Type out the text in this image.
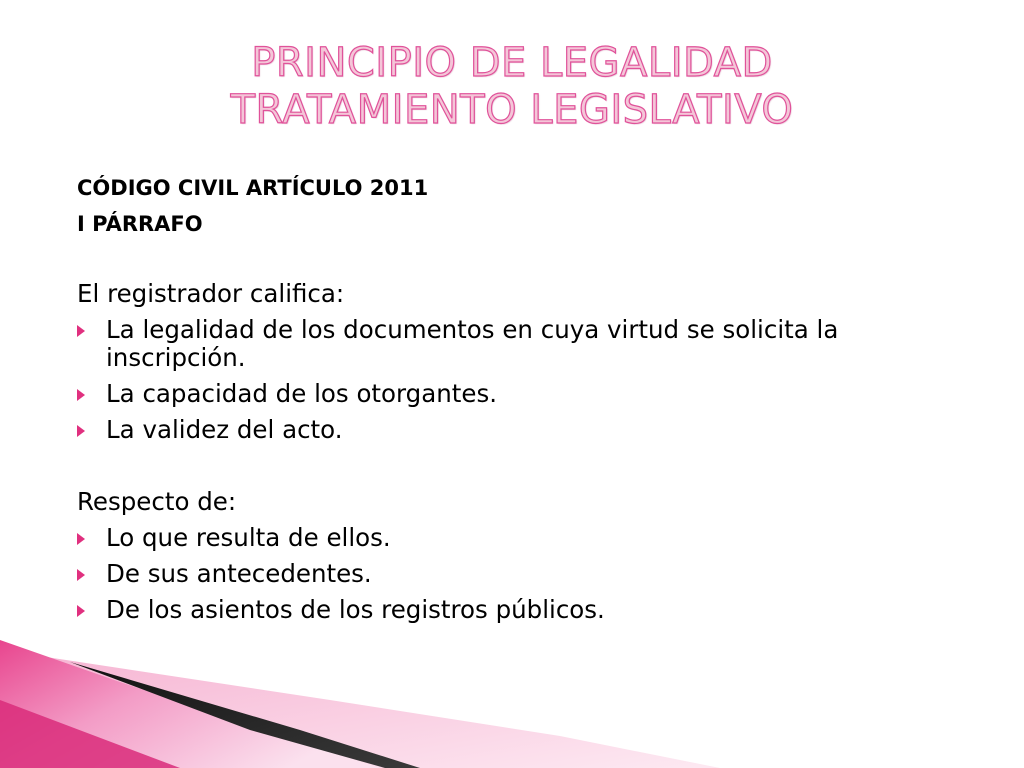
PRINCIPIO DE LEGALIDAD
TRATAMIENTO LEGISLATIVO
CÓDIGO CIVIL ARTÍCULO 2011
I PÁRRAFO
El registrador califica:
La legalidad de los documentos en cuya virtud se solicita la inscripción.
La capacidad de los otorgantes.
La validez del acto.
Respecto de:
Lo que resulta de ellos.
De sus antecedentes.
De los asientos de los registros públicos.
